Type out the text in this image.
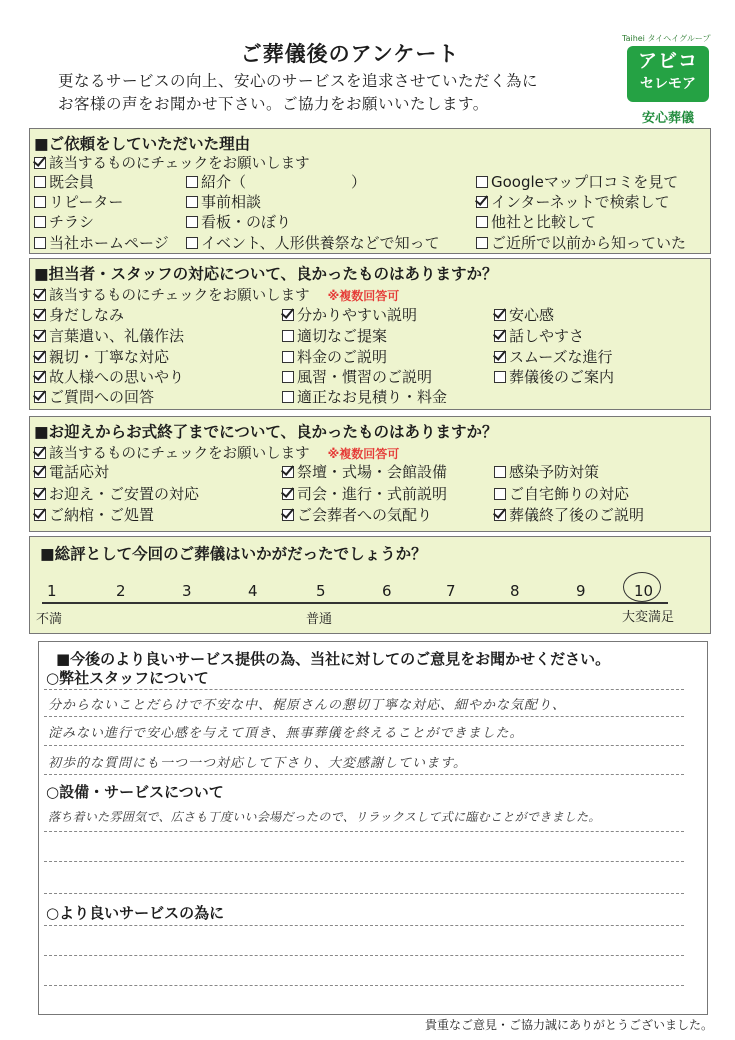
ご葬儀後のアンケート
更なるサービスの向上、安心のサービスを追求させていただく為に
お客様の声をお聞かせ下さい。ご協力をお願いいたします。
Taihei タイヘイグループ
アビコ
セレモア
安心葬儀
■ご依頼をしていただいた理由
該当するものにチェックをお願いします
既会員	紹介（　　　　　　　）	Googleマップ口コミを見て
リピーター	事前相談	インターネットで検索して
チラシ	看板・のぼり	他社と比較して
当社ホームページ	イベント、人形供養祭などで知って	ご近所で以前から知っていた
■担当者・スタッフの対応について、良かったものはありますか？
該当するものにチェックをお願いします ※複数回答可
身だしなみ	分かりやすい説明	安心感
言葉遣い、礼儀作法	適切なご提案	話しやすさ
親切・丁寧な対応	料金のご説明	スムーズな進行
故人様への思いやり	風習・慣習のご説明	葬儀後のご案内
ご質問への回答	適正なお見積り・料金
■お迎えからお式終了までについて、良かったものはありますか？
該当するものにチェックをお願いします ※複数回答可
電話応対	祭壇・式場・会館設備	感染予防対策
お迎え・ご安置の対応	司会・進行・式前説明	ご自宅飾りの対応
ご納棺・ご処置	ご会葬者への気配り	葬儀終了後のご説明
■総評として今回のご葬儀はいかがだったでしょうか？
1	2	3	4	5	6	7	8	9	10
不満	普通	大変満足
■今後のより良いサービス提供の為、当社に対してのご意見をお聞かせください。
○弊社スタッフについて
分からないことだらけで不安な中、梶原さんの懇切丁寧な対応、細やかな気配り、
淀みない進行で安心感を与えて頂き、無事葬儀を終えることができました。
初歩的な質問にも一つ一つ対応して下さり、大変感謝しています。
○設備・サービスについて
落ち着いた雰囲気で、広さも丁度いい会場だったので、リラックスして式に臨むことができました。
○より良いサービスの為に
貴重なご意見・ご協力誠にありがとうございました。
